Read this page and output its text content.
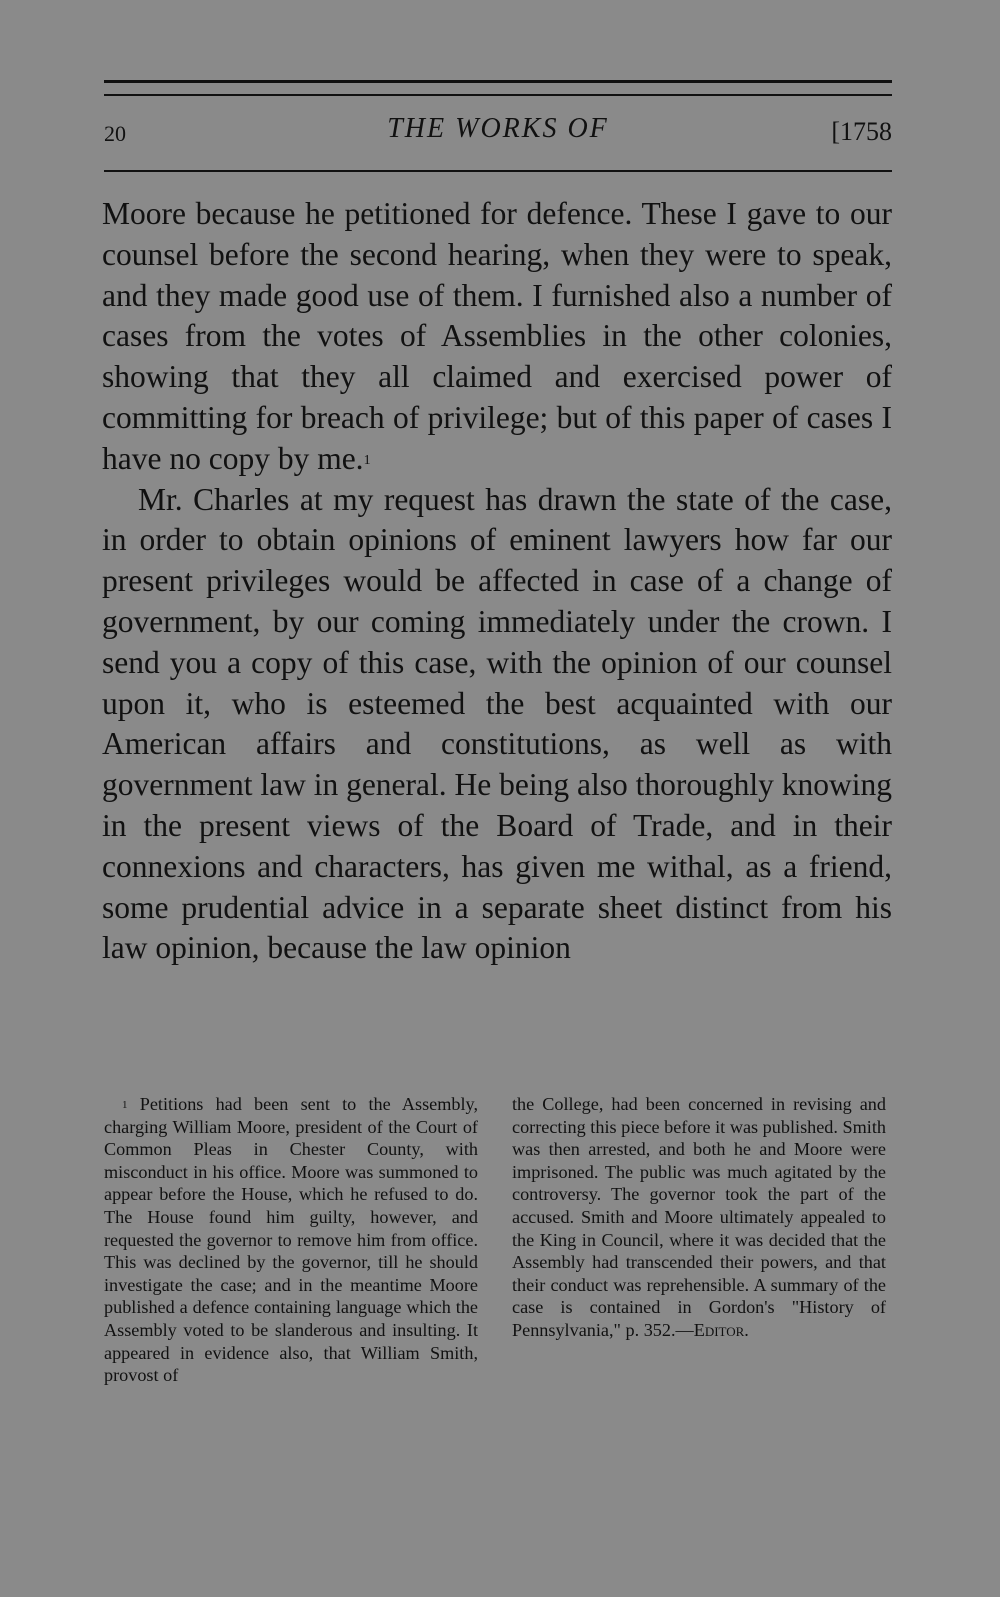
20	THE WORKS OF	[1758

Moore because he petitioned for defence. These I gave to our counsel before the second hearing, when they were to speak, and they made good use of them. I furnished also a number of cases from the votes of Assemblies in the other colonies, showing that they all claimed and exercised power of committing for breach of privilege; but of this paper of cases I have no copy by me.$^1$

Mr. Charles at my request has drawn the state of the case, in order to obtain opinions of eminent lawyers how far our present privileges would be affected in case of a change of government, by our coming immediately under the crown. I send you a copy of this case, with the opinion of our counsel upon it, who is esteemed the best acquainted with our American affairs and constitutions, as well as with government law in general. He being also thoroughly knowing in the present views of the Board of Trade, and in their connexions and characters, has given me withal, as a friend, some prudential advice in a separate sheet distinct from his law opinion, because the law opinion

$^1$ Petitions had been sent to the Assembly, charging William Moore, president of the Court of Common Pleas in Chester County, with misconduct in his office. Moore was summoned to appear before the House, which he refused to do. The House found him guilty, however, and requested the governor to remove him from office. This was declined by the governor, till he should investigate the case; and in the meantime Moore published a defence containing language which the Assembly voted to be slanderous and insulting. It appeared in evidence also, that William Smith, provost of

the College, had been concerned in revising and correcting this piece before it was published. Smith was then arrested, and both he and Moore were imprisoned. The public was much agitated by the controversy. The governor took the part of the accused. Smith and Moore ultimately appealed to the King in Council, where it was decided that the Assembly had transcended their powers, and that their conduct was reprehensible. A summary of the case is contained in Gordon's "History of Pennsylvania," p. 352.—Editor.
